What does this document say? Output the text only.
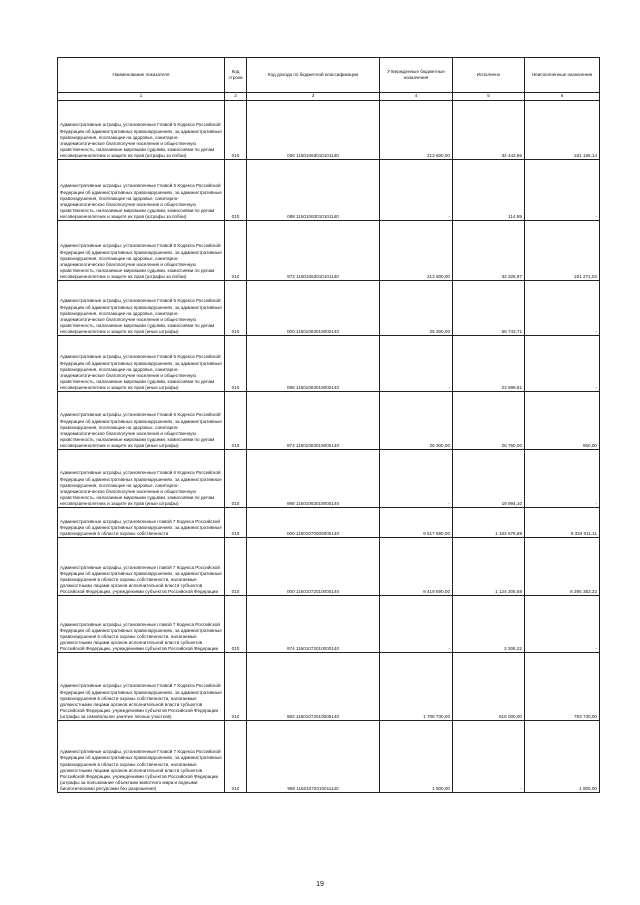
Наименование показателя	Код строки	Код дохода по бюджетной классификации	Утвержденные бюджетные назначения	Исполнено	Неисполненные назначения
1	2	3	4	5	6
Административные штрафы, установленные Главой 6 Кодекса Российской Федерации об административных правонарушениях, за административные правонарушения, посягающие на здоровье, санитарно-эпидемиологическое благополучие населения и общественную нравственность, налагаемые мировыми судьями, комиссиями по делам несовершеннолетних и защите их прав (штрафы за побои)	010	000 11601063010101140	213 600,00	32 443,86	181 156,14
Административные штрафы, установленные Главой 6 Кодекса Российской Федерации об административных правонарушениях, за административные правонарушения, посягающие на здоровье, санитарно-эпидемиологическое благополучие населения и общественную нравственность, налагаемые мировыми судьями, комиссиями по делам несовершеннолетних и защите их прав (штрафы за побои)	010	088 11601063010101140	-	114,89	-
Административные штрафы, установленные Главой 6 Кодекса Российской Федерации об административных правонарушениях, за административные правонарушения, посягающие на здоровье, санитарно-эпидемиологическое благополучие населения и общественную нравственность, налагаемые мировыми судьями, комиссиями по делам несовершеннолетних и защите их прав (штрафы за побои)	010	972 11601063010101140	213 600,00	32 328,97	181 271,03
Административные штрафы, установленные Главой 6 Кодекса Российской Федерации об административных правонарушениях, за административные правонарушения, посягающие на здоровье, санитарно-эпидемиологическое благополучие населения и общественную нравственность, налагаемые мировыми судьями, комиссиями по делам несовершеннолетних и защите их прав (иные штрафы)	010	000 11601063019000140	26 300,00	69 743,71	-
Административные штрафы, установленные Главой 6 Кодекса Российской Федерации об административных правонарушениях, за административные правонарушения, посягающие на здоровье, санитарно-эпидемиологическое благополучие населения и общественную нравственность, налагаемые мировыми судьями, комиссиями по делам несовершеннолетних и защите их прав (иные штрафы)	010	088 11601063019000140	-	23 998,81	-
Административные штрафы, установленные Главой 6 Кодекса Российской Федерации об административных правонарушениях, за административные правонарушения, посягающие на здоровье, санитарно-эпидемиологическое благополучие населения и общественную нравственность, налагаемые мировыми судьями, комиссиями по делам несовершеннолетних и защите их прав (иные штрафы)	010	973 11601063019000140	26 300,00	25 750,00	550,00
Административные штрафы, установленные Главой 6 Кодекса Российской Федерации об административных правонарушениях, за административные правонарушения, посягающие на здоровье, санитарно-эпидемиологическое благополучие населения и общественную нравственность, налагаемые мировыми судьями, комиссиями по делам несовершеннолетних и защите их прав (иные штрафы)	010	988 11601063019000140	-	19 994,10	-
Административные штрафы, установленные главой 7 Кодекса Российской Федерации об административных правонарушениях, за административные правонарушения в области охраны собственности	010	000 11601070000000140	9 517 690,00	1 183 678,89	8 334 011,11
Административные штрафы, установленные главой 7 Кодекса Российской Федерации об административных правонарушениях, за административные правонарушения в области охраны собственности, налагаемые должностными лицами органов исполнительной власти субъектов Российской Федерации, учреждениями субъектов Российской Федерации	010	000 11601072010000140	9 419 690,00	1 124 306,68	8 295 383,32
Административные штрафы, установленные главой 7 Кодекса Российской Федерации об административных правонарушениях, за административные правонарушения в области охраны собственности, налагаемые должностными лицами органов исполнительной власти субъектов Российской Федерации, учреждениями субъектов Российской Федерации	010	974 11601072010000140	-	2 306,22	-
Административные штрафы, установленные Главой 7 Кодекса Российской Федерации об административных правонарушениях, за административные правонарушения в области охраны собственности, налагаемые должностными лицами органов исполнительной власти субъектов Российской Федерации, учреждениями субъектов Российской Федерации (штрафы за самовольное занятие лесных участков)	010	982 11601072010009140	1 708 730,00	915 000,00	793 730,00
Административные штрафы, установленные Главой 7 Кодекса Российской Федерации об административных правонарушениях, за административные правонарушения в области охраны собственности, налагаемые должностными лицами органов исполнительной власти субъектов Российской Федерации, учреждениями субъектов Российской Федерации (штрафы за пользование объектами животного мира и водными биологическими ресурсами без разрешения)	010	968 11601072010011140	1 800,00	-	1 800,00
19
